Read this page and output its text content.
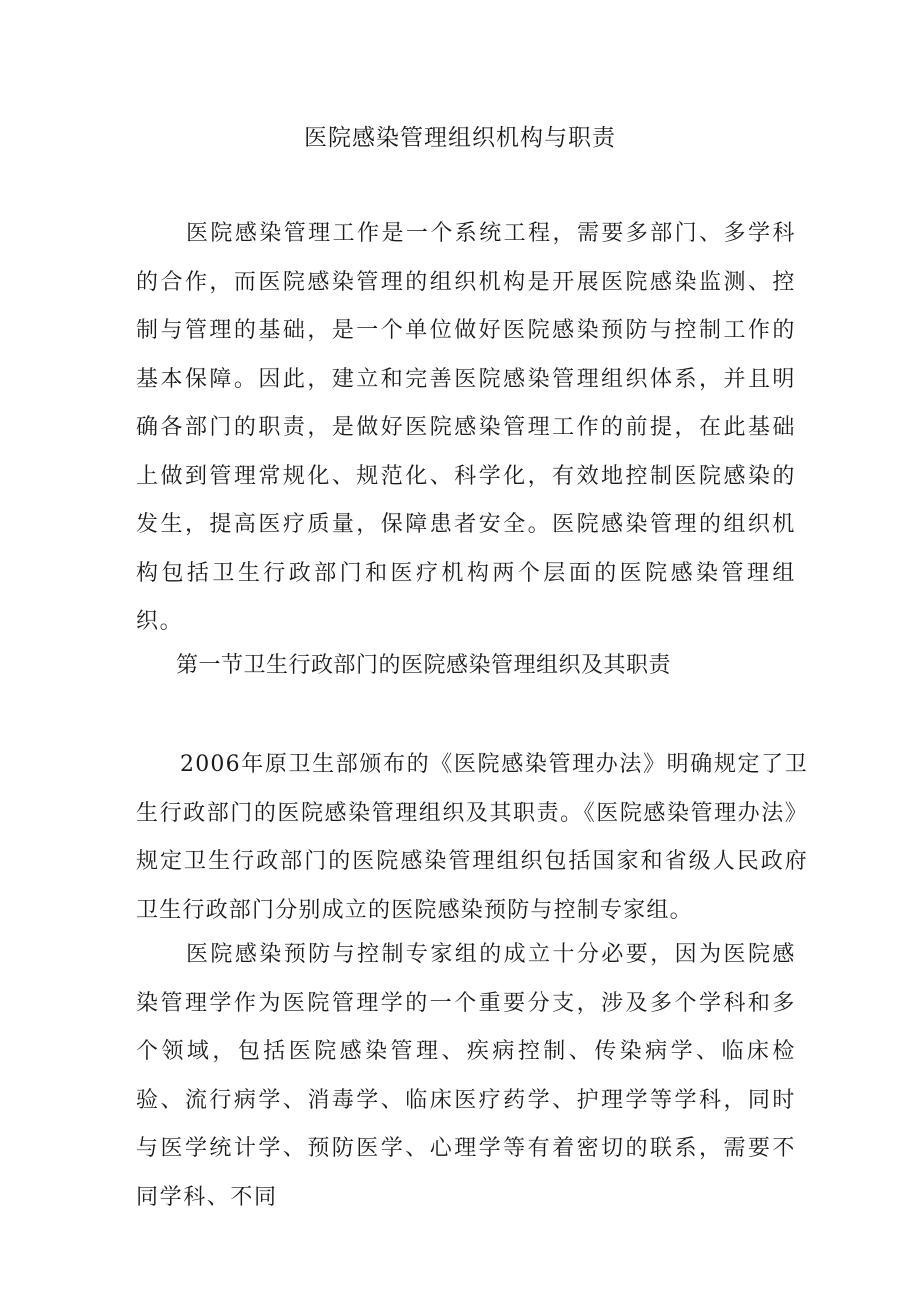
医院感染管理组织机构与职责

医院感染管理工作是一个系统工程，需要多部门、多学科的合作，而医院感染管理的组织机构是开展医院感染监测、控制与管理的基础，是一个单位做好医院感染预防与控制工作的基本保障。因此，建立和完善医院感染管理组织体系，并且明确各部门的职责，是做好医院感染管理工作的前提，在此基础上做到管理常规化、规范化、科学化，有效地控制医院感染的发生，提高医疗质量，保障患者安全。医院感染管理的组织机构包括卫生行政部门和医疗机构两个层面的医院感染管理组织。

第一节卫生行政部门的医院感染管理组织及其职责

2006年原卫生部颁布的《医院感染管理办法》明确规定了卫生行政部门的医院感染管理组织及其职责。《医院感染管理办法》规定卫生行政部门的医院感染管理组织包括国家和省级人民政府卫生行政部门分别成立的医院感染预防与控制专家组。

医院感染预防与控制专家组的成立十分必要，因为医院感染管理学作为医院管理学的一个重要分支，涉及多个学科和多个领域，包括医院感染管理、疾病控制、传染病学、临床检验、流行病学、消毒学、临床医疗药学、护理学等学科，同时与医学统计学、预防医学、心理学等有着密切的联系，需要不同学科、不同
